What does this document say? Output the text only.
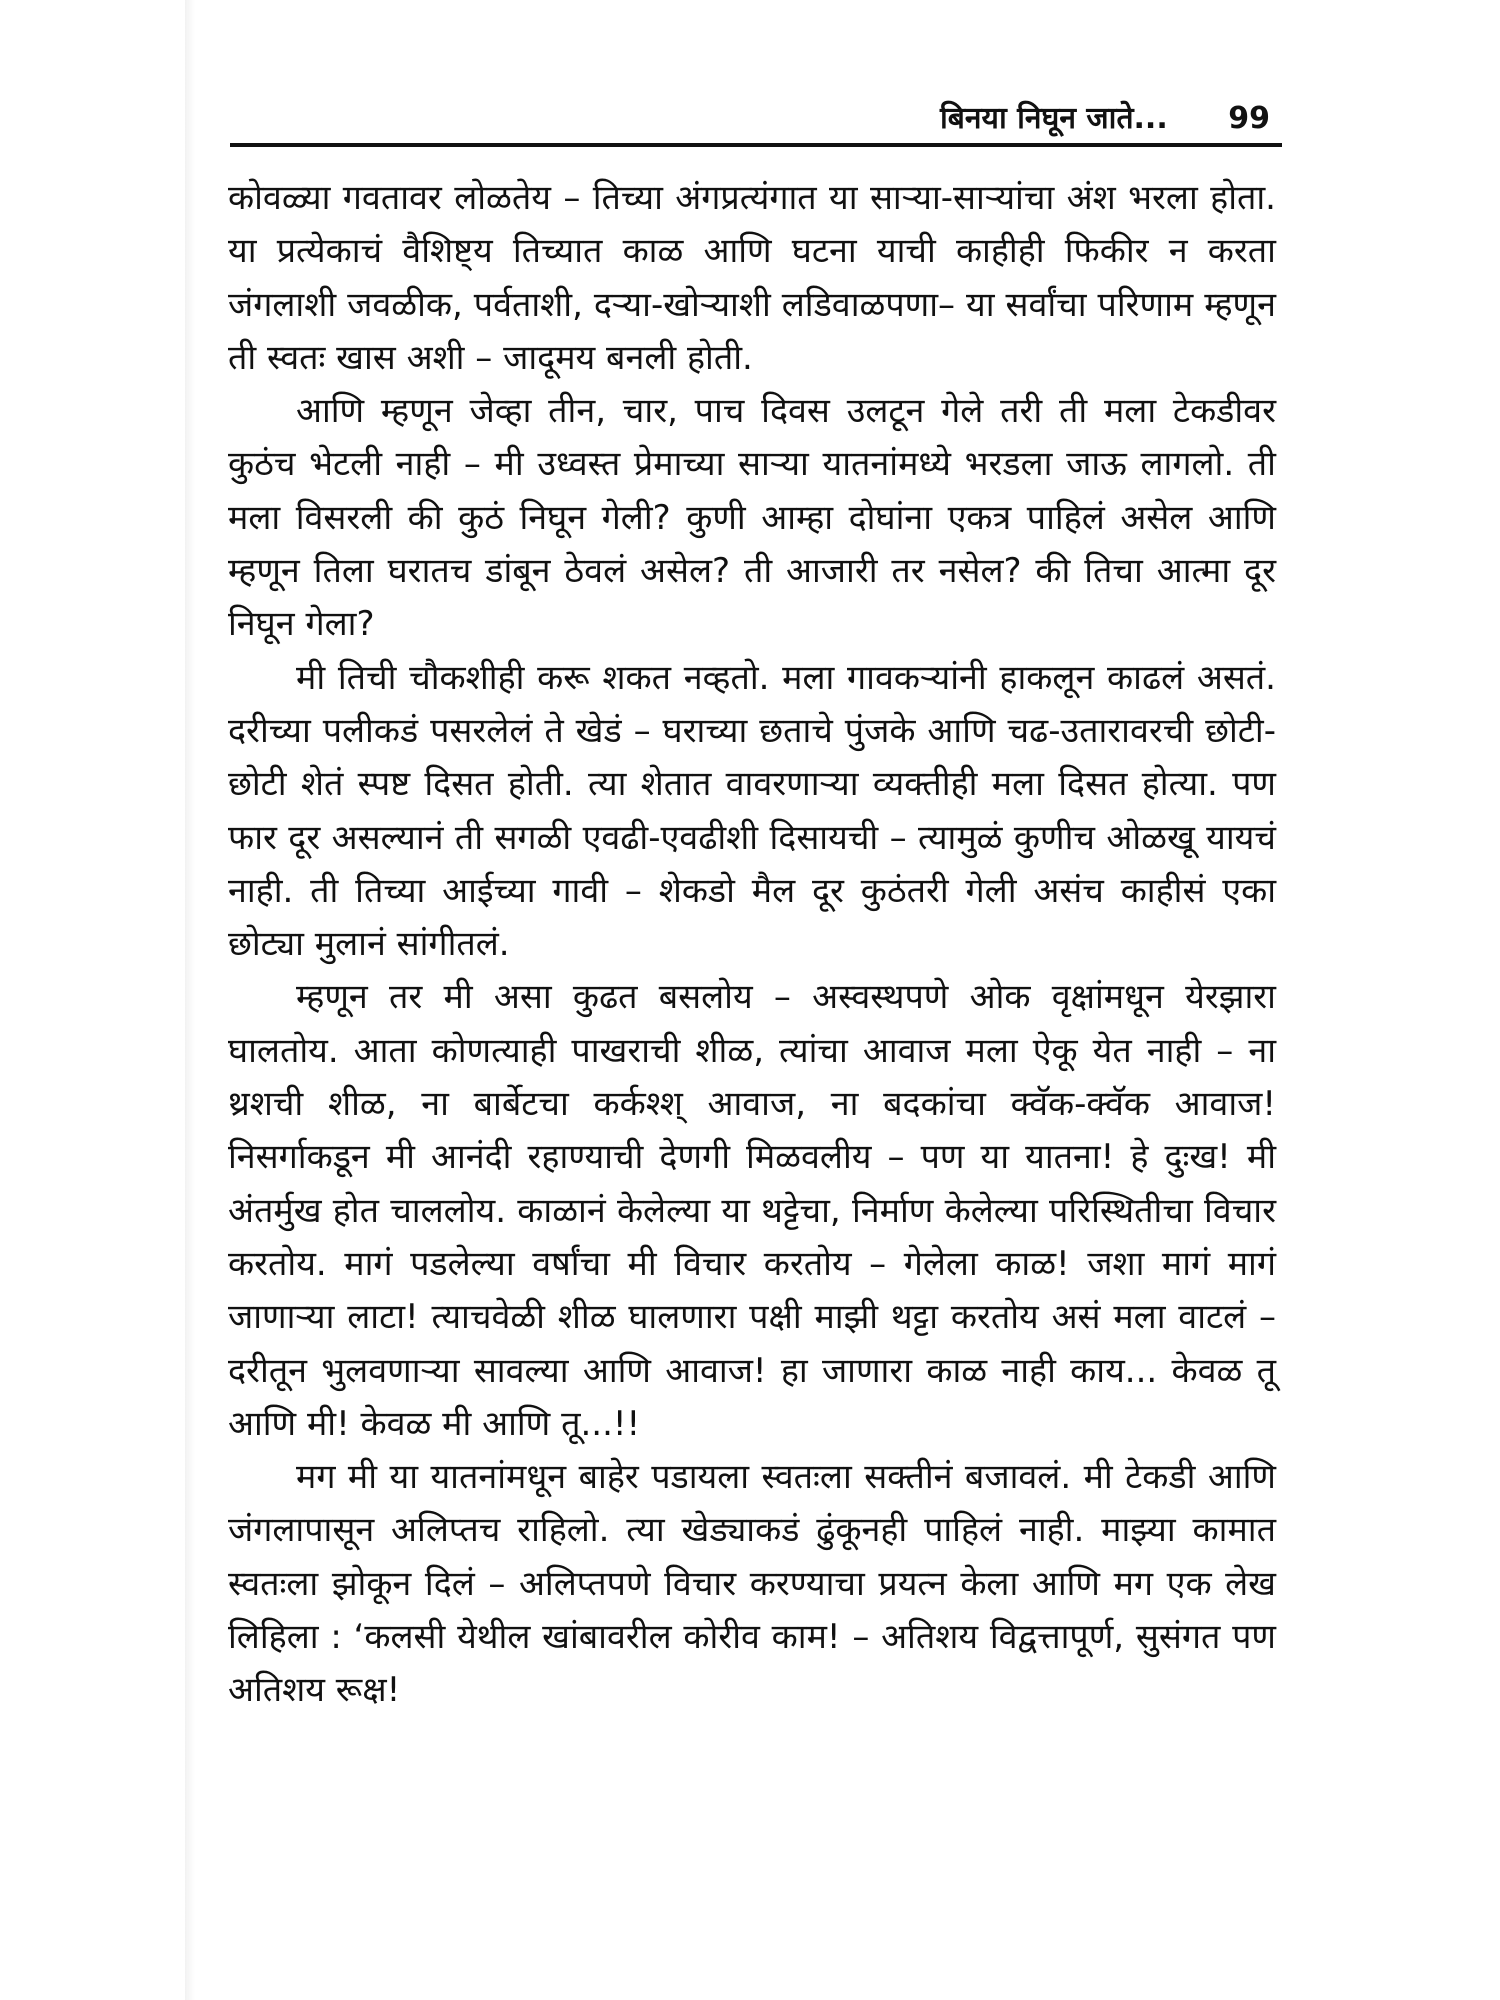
बिनया निघून जाते... 99

कोवळ्या गवतावर लोळतेय – तिच्या अंगप्रत्यंगात या साऱ्या-साऱ्यांचा अंश भरला होता. या प्रत्येकाचं वैशिष्ट्य तिच्यात काळ आणि घटना याची काहीही फिकीर न करता जंगलाशी जवळीक, पर्वताशी, दऱ्या-खोऱ्याशी लडिवाळपणा– या सर्वांचा परिणाम म्हणून ती स्वतः खास अशी – जादूमय बनली होती.

आणि म्हणून जेव्हा तीन, चार, पाच दिवस उलटून गेले तरी ती मला टेकडीवर कुठंच भेटली नाही – मी उध्वस्त प्रेमाच्या साऱ्या यातनांमध्ये भरडला जाऊ लागलो. ती मला विसरली की कुठं निघून गेली? कुणी आम्हा दोघांना एकत्र पाहिलं असेल आणि म्हणून तिला घरातच डांबून ठेवलं असेल? ती आजारी तर नसेल? की तिचा आत्मा दूर निघून गेला?

मी तिची चौकशीही करू शकत नव्हतो. मला गावकऱ्यांनी हाकलून काढलं असतं. दरीच्या पलीकडं पसरलेलं ते खेडं – घराच्या छताचे पुंजके आणि चढ-उतारावरची छोटी-छोटी शेतं स्पष्ट दिसत होती. त्या शेतात वावरणाऱ्या व्यक्तीही मला दिसत होत्या. पण फार दूर असल्यानं ती सगळी एवढी-एवढीशी दिसायची – त्यामुळं कुणीच ओळखू यायचं नाही. ती तिच्या आईच्या गावी – शेकडो मैल दूर कुठंतरी गेली असंच काहीसं एका छोट्या मुलानं सांगीतलं.

म्हणून तर मी असा कुढत बसलोय – अस्वस्थपणे ओक वृक्षांमधून येरझारा घालतोय. आता कोणत्याही पाखराची शीळ, त्यांचा आवाज मला ऐकू येत नाही – ना थ्रशची शीळ, ना बार्बेटचा कर्कश्श् आवाज, ना बदकांचा क्वॅक-क्वॅक आवाज! निसर्गाकडून मी आनंदी रहाण्याची देणगी मिळवलीय – पण या यातना! हे दुःख! मी अंतर्मुख होत चाललोय. काळानं केलेल्या या थट्टेचा, निर्माण केलेल्या परिस्थितीचा विचार करतोय. मागं पडलेल्या वर्षांचा मी विचार करतोय – गेलेला काळ! जशा मागं मागं जाणाऱ्या लाटा! त्याचवेळी शीळ घालणारा पक्षी माझी थट्टा करतोय असं मला वाटलं – दरीतून भुलवणाऱ्या सावल्या आणि आवाज! हा जाणारा काळ नाही काय... केवळ तू आणि मी! केवळ मी आणि तू...!!

मग मी या यातनांमधून बाहेर पडायला स्वतःला सक्तीनं बजावलं. मी टेकडी आणि जंगलापासून अलिप्तच राहिलो. त्या खेड्याकडं ढुंकूनही पाहिलं नाही. माझ्या कामात स्वतःला झोकून दिलं – अलिप्तपणे विचार करण्याचा प्रयत्न केला आणि मग एक लेख लिहिला : ‘कलसी येथील खांबावरील कोरीव काम! – अतिशय विद्वत्तापूर्ण, सुसंगत पण अतिशय रूक्ष!
